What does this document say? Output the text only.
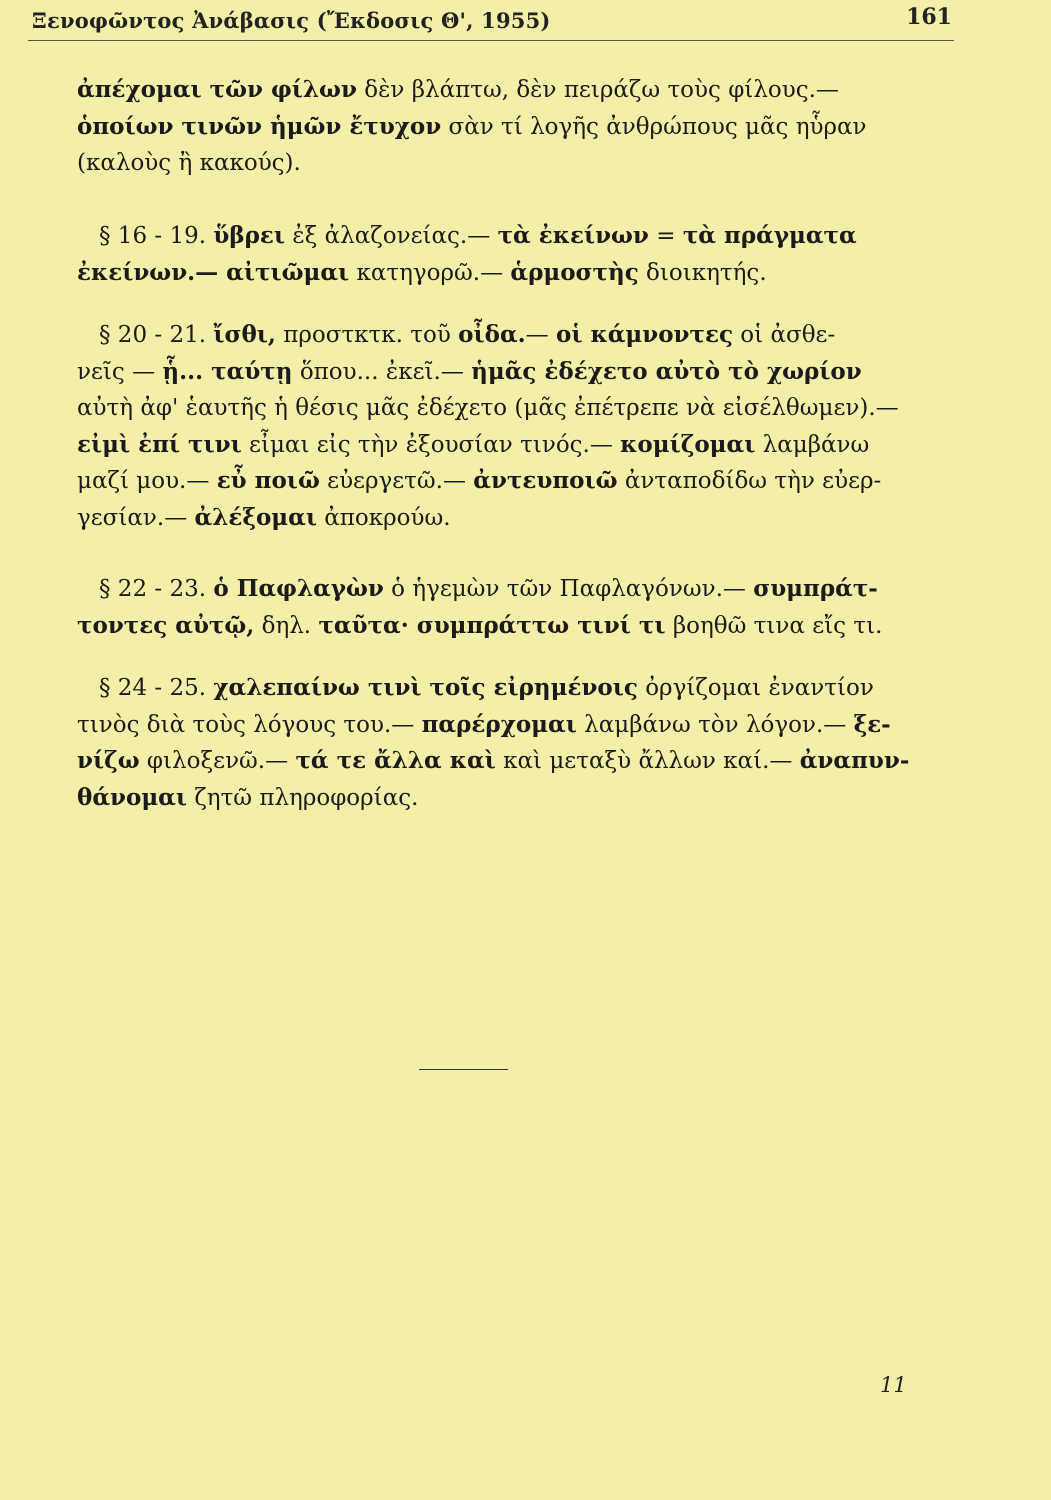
Ξενοφῶντος Ἀνάβασις (Ἔκδοσις Θ', 1955)	161
ἀπέχομαι τῶν φίλων δὲν βλάπτω, δὲν πειράζω τοὺς φίλους.—
ὁποίων τινῶν ἡμῶν ἔτυχον σὰν τί λογῆς ἀνθρώπους μᾶς ηὗραν
(καλοὺς ἢ κακούς).
§ 16 - 19. ὕβρει ἐξ ἀλαζονείας.— τὰ ἐκείνων = τὰ πράγματα
ἐκείνων.— αἰτιῶμαι κατηγορῶ.— ἁρμοστὴς διοικητής.
§ 20 - 21. ἴσθι, προστκτκ. τοῦ οἶδα.— οἱ κάμνοντες οἱ ἀσθε-
νεῖς — ᾗ... ταύτῃ ὅπου... ἐκεῖ.— ἡμᾶς ἐδέχετο αὐτὸ τὸ χωρίον
αὐτὴ ἀφ' ἑαυτῆς ἡ θέσις μᾶς ἐδέχετο (μᾶς ἐπέτρεπε νὰ εἰσέλθωμεν).—
εἰμὶ ἐπί τινι εἶμαι εἰς τὴν ἐξουσίαν τινός.— κομίζομαι λαμβάνω
μαζί μου.— εὖ ποιῶ εὐεργετῶ.— ἀντευποιῶ ἀνταποδίδω τὴν εὐερ-
γεσίαν.— ἀλέξομαι ἀποκρούω.
§ 22 - 23. ὁ Παφλαγὼν ὁ ἡγεμὼν τῶν Παφλαγόνων.— συμπράτ-
τοντες αὐτῷ, δηλ. ταῦτα· συμπράττω τινί τι βοηθῶ τινα εἴς τι.
§ 24 - 25. χαλεπαίνω τινὶ τοῖς εἰρημένοις ὀργίζομαι ἐναντίον
τινὸς διὰ τοὺς λόγους του.— παρέρχομαι λαμβάνω τὸν λόγον.— ξε-
νίζω φιλοξενῶ.— τά τε ἄλλα καὶ καὶ μεταξὺ ἄλλων καί.— ἀναπυν-
θάνομαι ζητῶ πληροφορίας.
11
